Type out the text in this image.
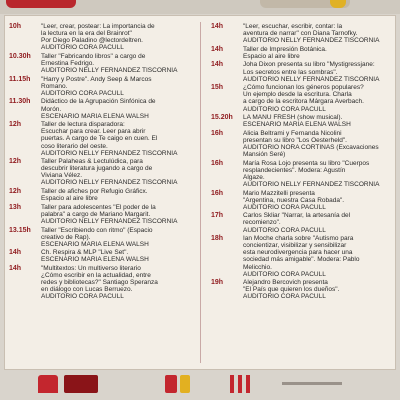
10h	"Leer, crear, postear: La importancia de
la lectura en la era del Brainrot"
Por Diego Paladino @lectordeltren.
AUDITORIO CORA PACULL
10.30h	Taller "Fabricando libros" a cargo de
Ernestina Fedrigo.
AUDITORIO NELLY FERNÁNDEZ TISCORNIA
11.15h	"Harry y Postre". Andy Seep & Marcos
Romano.
AUDITORIO CORA PACULL
11.30h	Didáctico de la Agrupación Sinfónica de
Morón.
ESCENARIO MARIA ELENA WALSH
12h	Taller de lectura disparadora:
Escuchar para crear. Leer para abrir
puertas. A cargo de Te caigo en cuen. El
coso literario del oeste.
AUDITORIO NELLY FERNÁNDEZ TISCORNIA
12h	Taller Palaheas & Lectulúdica, para
descubrir literatura jugando a cargo de
Viviana Vélez.
AUDITORIO NELLY FERNÁNDEZ TISCORNIA
12h	Taller de afiches por Refugio Gráficx.
Espacio al aire libre
13h	Taller para adolescentes "El poder de la
palabra" a cargo de Mariano Margarit.
AUDITORIO NELLY FERNÁNDEZ TISCORNIA
13.15h	Taller "Escribiendo con ritmo" (Espacio
creativo de Rap).
ESCENARIO MARIA ELENA WALSH
14h	Ch. Respira & MLP "Live Set".
ESCENARIO MARIA ELENA WALSH
14h	"Multitextos: Un multiverso literario
¿Cómo escribir en la actualidad, entre
redes y bibliotecas?" Santiago Speranza
en diálogo con Lucas Berruezo.
AUDITORIO CORA PACULL
14h	"Leer, escuchar, escribir, contar: la
aventura de narrar" con Diana Tarnofky.
AUDITORIO NELLY FERNÁNDEZ TISCORNIA
14h	Taller de Impresión Botánica.
Espacio al aire libre
14h	Joha Dixon presenta su libro "Mystigressjane:
Los secretos entre las sombras".
AUDITORIO NELLY FERNÁNDEZ TISCORNIA
15h	¿Cómo funcionan los géneros populares?
Un ejemplo desde la escritura. Charla
a cargo de la escritora Márgara Averbach.
AUDITORIO CORA PACULL
15.20h	LA MANU FRESH (show musical).
ESCENARIO MARIA ELENA WALSH
16h	Alicia Beltrami y Fernanda Nicolini
presentan su libro "Los Oesterheld".
AUDITORIO NORA CORTIÑAS (Excavaciones
Mansión Seré)
16h	María Rosa Lojo presenta su libro "Cuerpos
resplandecientes". Modera: Agustín
Álgaze.
AUDITORIO NELLY FERNÁNDEZ TISCORNIA
16h	Mario Mazzitelli presenta
"Argentina, nuestra Casa Robada".
AUDITORIO CORA PACULL
17h	Carlos Skliar "Narrar, la artesanía del
recomienzo".
AUDITORIO CORA PACULL
18h	Ian Moche charla sobre "Autismo para
concientizar, visibilizar y sensibilizar
esta neurodivergencia para hacer una
sociedad más amigable". Modera: Pablo
Melicchio.
AUDITORIO CORA PACULL
19h	Alejandro Bercovich presenta
"El País que quieren los dueños".
AUDITORIO CORA PACULL
